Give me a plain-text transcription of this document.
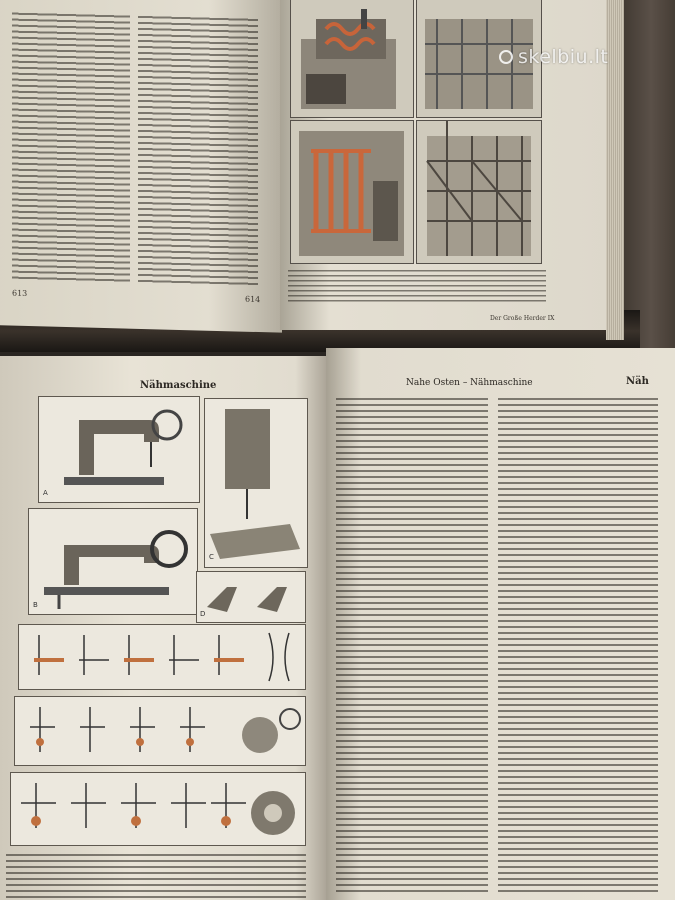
613
614
Der Große Herder IX
skelbiu.lt
Nähmaschine
A
C
B
D
Nahe Osten – Nähmaschine	Näh
